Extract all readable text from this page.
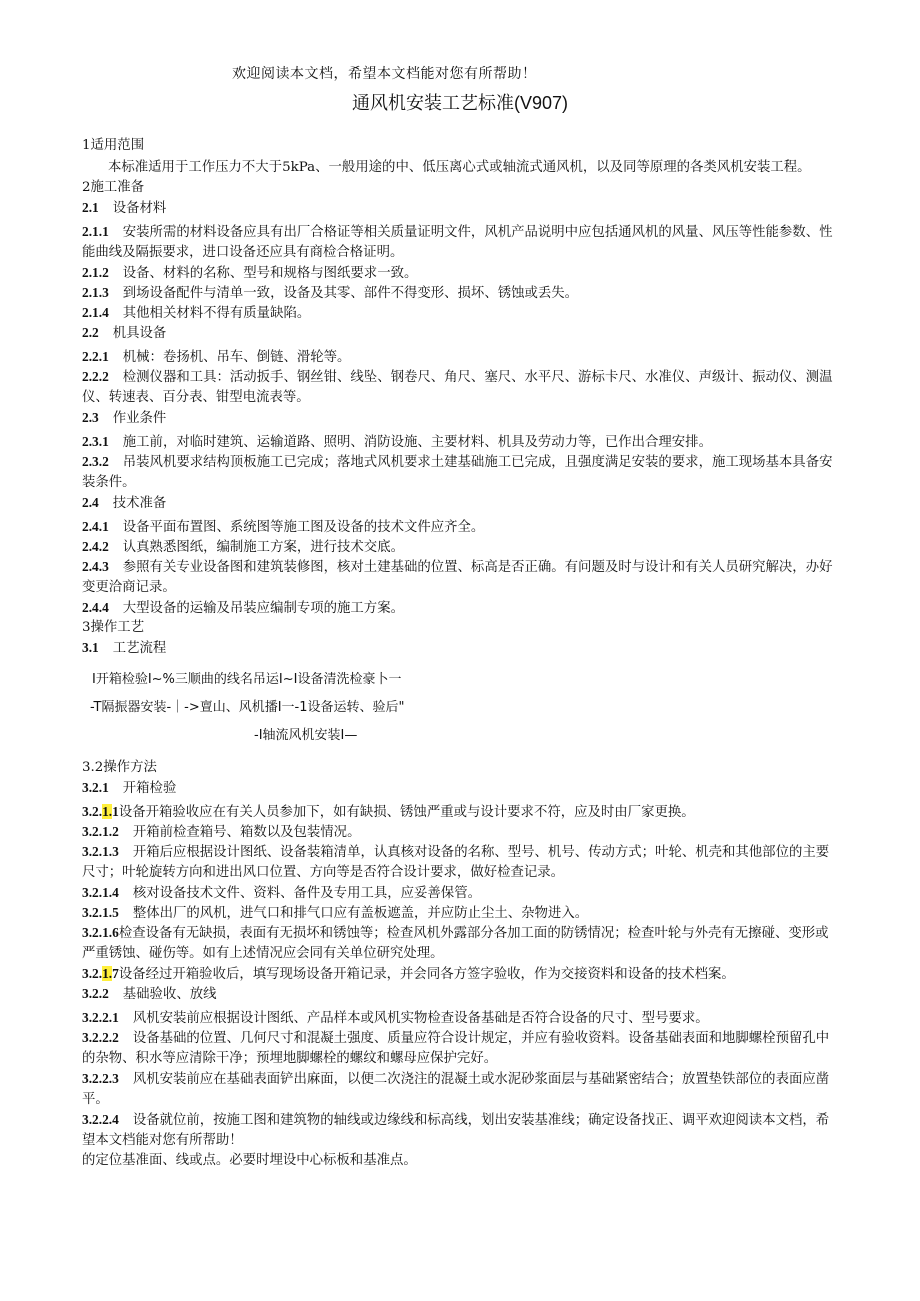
欢迎阅读本文档，希望本文档能对您有所帮助！
通风机安装工艺标准(V907)
1适用范围
本标准适用于工作压力不大于5kPa、一般用途的中、低压离心式或轴流式通风机，以及同等原理的各类风机安装工程。
2施工准备
2.1 设备材料
2.1.1 安装所需的材料设备应具有出厂合格证等相关质量证明文件，风机产品说明中应包括通风机的风量、风压等性能参数、性能曲线及隔振要求，进口设备还应具有商检合格证明。
2.1.2 设备、材料的名称、型号和规格与图纸要求一致。
2.1.3 到场设备配件与清单一致，设备及其零、部件不得变形、损坏、锈蚀或丢失。
2.1.4 其他相关材料不得有质量缺陷。
2.2 机具设备
2.2.1 机械：卷扬机、吊车、倒链、滑轮等。
2.2.2 检测仪器和工具：活动扳手、钢丝钳、线坠、钢卷尺、角尺、塞尺、水平尺、游标卡尺、水准仪、声级计、振动仪、测温仪、转速表、百分表、钳型电流表等。
2.3 作业条件
2.3.1 施工前，对临时建筑、运输道路、照明、消防设施、主要材料、机具及劳动力等，已作出合理安排。
2.3.2 吊装风机要求结构顶板施工已完成；落地式风机要求土建基础施工已完成，且强度满足安装的要求，施工现场基本具备安装条件。
2.4 技术准备
2.4.1 设备平面布置图、系统图等施工图及设备的技术文件应齐全。
2.4.2 认真熟悉图纸，编制施工方案，进行技术交底。
2.4.3 参照有关专业设备图和建筑装修图，核对土建基础的位置、标高是否正确。有问题及时与设计和有关人员研究解决，办好变更洽商记录。
2.4.4 大型设备的运输及吊装应编制专项的施工方案。
3操作工艺
3.1 工艺流程
I开箱检验I~%三顺曲的线名吊运I~I设备清洗检豪卜一
-T隔振器安装-｜->亶山、风机播I一-1设备运转、验后"
-I轴流风机安装I—
3.2操作方法
3.2.1 开箱检验
3.2.1.1设备开箱验收应在有关人员参加下，如有缺损、锈蚀严重或与设计要求不符，应及时由厂家更换。
3.2.1.2 开箱前检查箱号、箱数以及包装情况。
3.2.1.3 开箱后应根据设计图纸、设备装箱清单，认真核对设备的名称、型号、机号、传动方式；叶轮、机壳和其他部位的主要尺寸；叶轮旋转方向和进出风口位置、方向等是否符合设计要求，做好检查记录。
3.2.1.4 核对设备技术文件、资料、备件及专用工具，应妥善保管。
3.2.1.5 整体出厂的风机，进气口和排气口应有盖板遮盖，并应防止尘土、杂物进入。
3.2.1.6检查设备有无缺损，表面有无损坏和锈蚀等；检查风机外露部分各加工面的防锈情况；检查叶轮与外壳有无擦碰、变形或严重锈蚀、碰伤等。如有上述情况应会同有关单位研究处理。
3.2.1.7设备经过开箱验收后，填写现场设备开箱记录，并会同各方签字验收，作为交接资料和设备的技术档案。
3.2.2 基础验收、放线
3.2.2.1 风机安装前应根据设计图纸、产品样本或风机实物检查设备基础是否符合设备的尺寸、型号要求。
3.2.2.2 设备基础的位置、几何尺寸和混凝土强度、质量应符合设计规定，并应有验收资料。设备基础表面和地脚螺栓预留孔中的杂物、积水等应清除干净；预埋地脚螺栓的螺纹和螺母应保护完好。
3.2.2.3 风机安装前应在基础表面铲出麻面，以便二次浇注的混凝土或水泥砂浆面层与基础紧密结合；放置垫铁部位的表面应凿平。
3.2.2.4 设备就位前，按施工图和建筑物的轴线或边缘线和标高线，划出安装基准线；确定设备找正、调平欢迎阅读本文档，希望本文档能对您有所帮助！
的定位基准面、线或点。必要时埋设中心标板和基准点。
